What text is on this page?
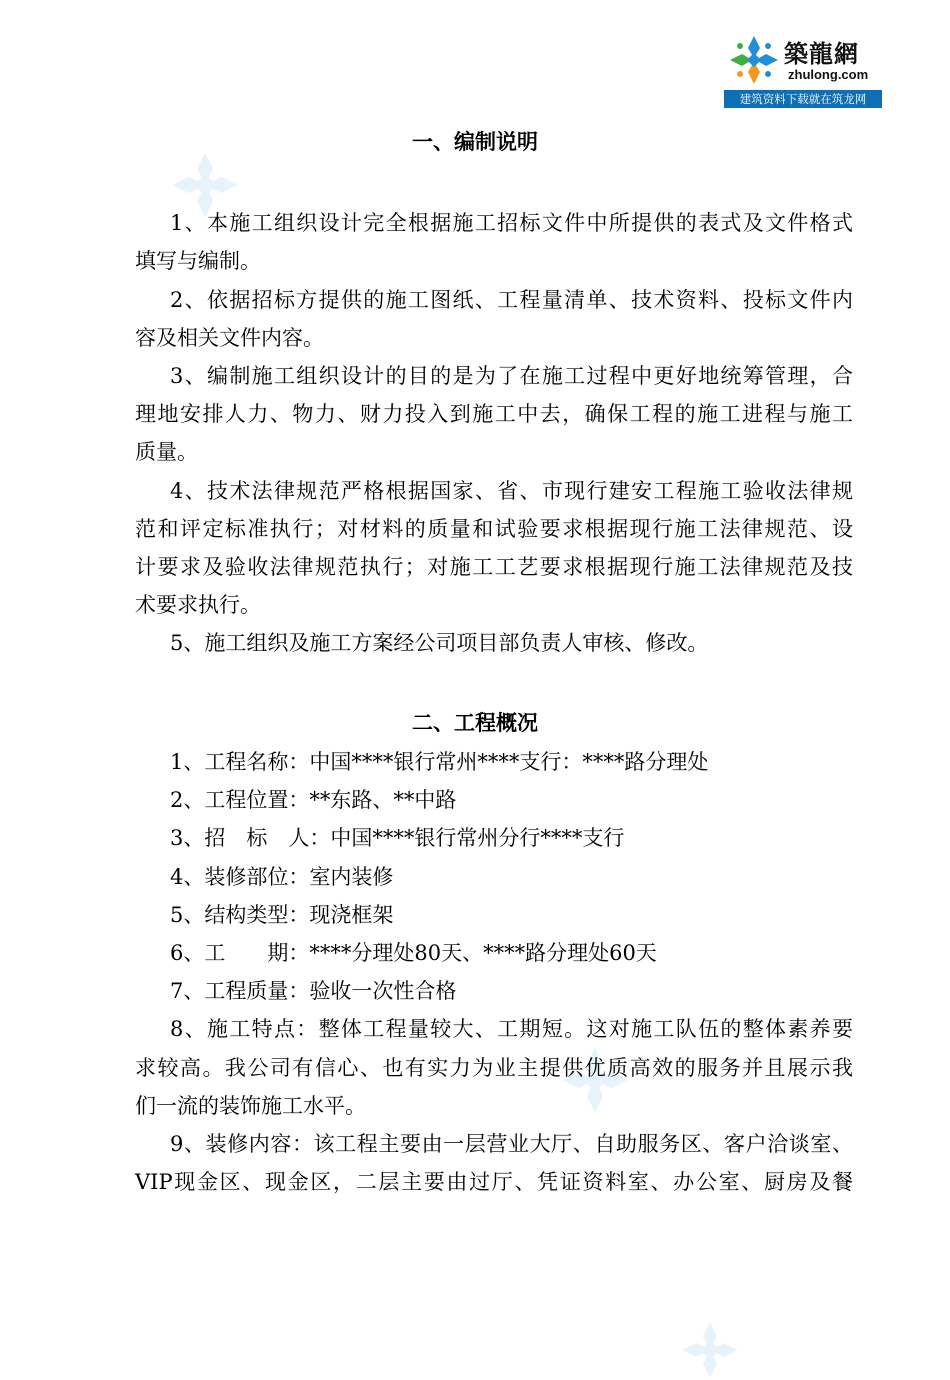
築龍網
zhulong.com
建筑资料下载就在筑龙网
一、编制说明
1、本施工组织设计完全根据施工招标文件中所提供的表式及文件格式
填写与编制。
2、依据招标方提供的施工图纸、工程量清单、技术资料、投标文件内
容及相关文件内容。
3、编制施工组织设计的目的是为了在施工过程中更好地统筹管理，合
理地安排人力、物力、财力投入到施工中去，确保工程的施工进程与施工
质量。
4、技术法律规范严格根据国家、省、市现行建安工程施工验收法律规
范和评定标准执行；对材料的质量和试验要求根据现行施工法律规范、设
计要求及验收法律规范执行；对施工工艺要求根据现行施工法律规范及技
术要求执行。
5、施工组织及施工方案经公司项目部负责人审核、修改。
二、工程概况
1、工程名称：中国****银行常州****支行：****路分理处
2、工程位置：**东路、**中路
3、招　标　人：中国****银行常州分行****支行
4、装修部位：室内装修
5、结构类型：现浇框架
6、工　　期：****分理处80天、****路分理处60天
7、工程质量：验收一次性合格
8、施工特点：整体工程量较大、工期短。这对施工队伍的整体素养要
求较高。我公司有信心、也有实力为业主提供优质高效的服务并且展示我
们一流的装饰施工水平。
9、装修内容：该工程主要由一层营业大厅、自助服务区、客户洽谈室、
VIP现金区、现金区，二层主要由过厅、凭证资料室、办公室、厨房及餐
